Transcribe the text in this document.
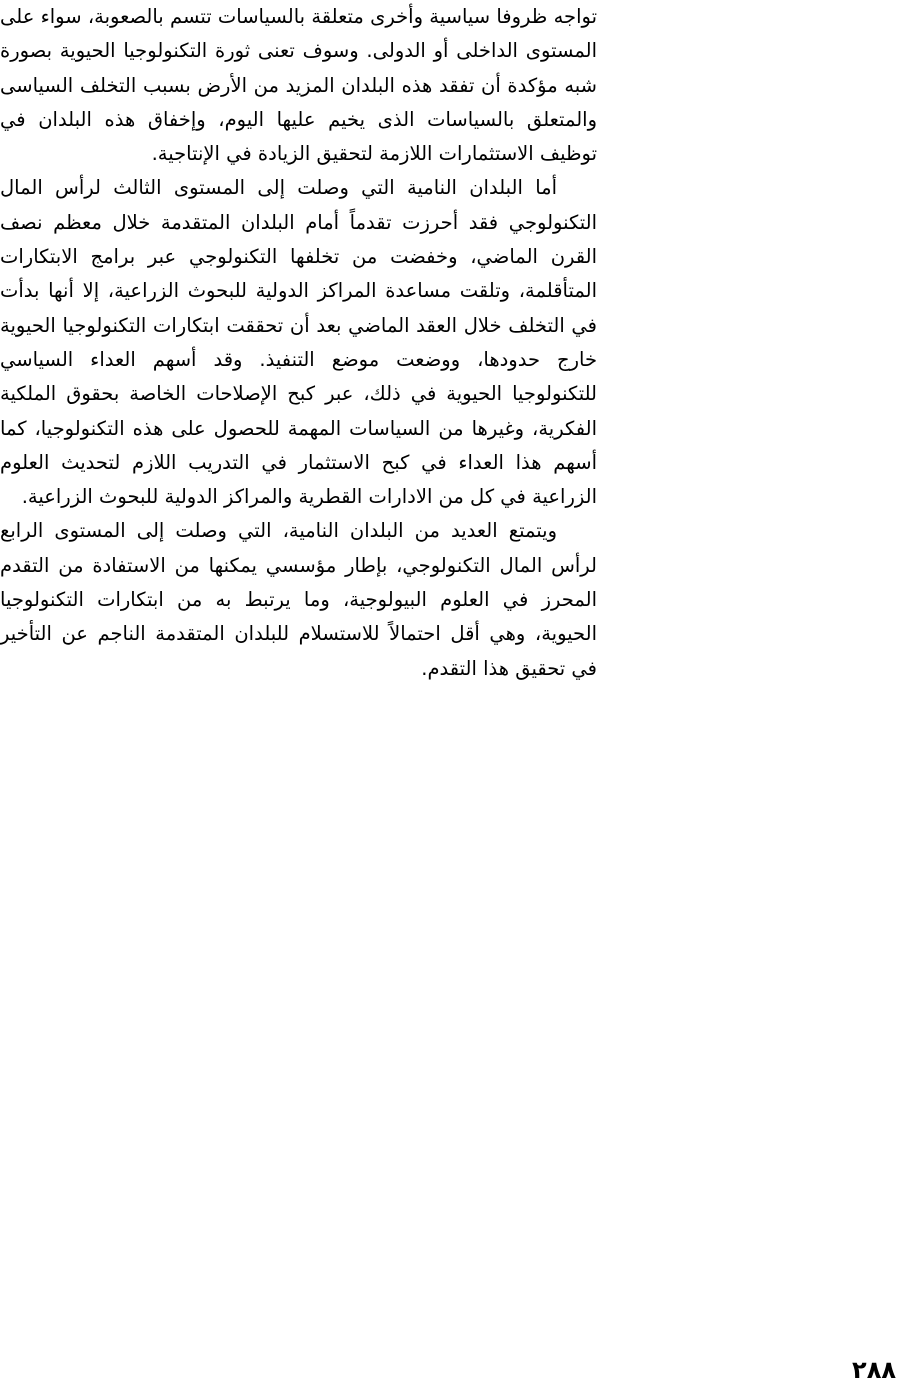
تواجه ظروفا سياسية وأخرى متعلقة بالسياسات تتسم بالصعوبة، سواء على المستوى الداخلى أو الدولى. وسوف تعنى ثورة التكنولوجيا الحيوية بصورة شبه مؤكدة أن تفقد هذه البلدان المزيد من الأرض بسبب التخلف السياسى والمتعلق بالسياسات الذى يخيم عليها اليوم، وإخفاق هذه البلدان في توظيف الاستثمارات اللازمة لتحقيق الزيادة في الإنتاجية.

أما البلدان النامية التي وصلت إلى المستوى الثالث لرأس المال التكنولوجي فقد أحرزت تقدماً أمام البلدان المتقدمة خلال معظم نصف القرن الماضي، وخفضت من تخلفها التكنولوجي عبر برامج الابتكارات المتأقلمة، وتلقت مساعدة المراكز الدولية للبحوث الزراعية، إلا أنها بدأت في التخلف خلال العقد الماضي بعد أن تحققت ابتكارات التكنولوجيا الحيوية خارج حدودها، ووضعت موضع التنفيذ. وقد أسهم العداء السياسي للتكنولوجيا الحيوية في ذلك، عبر كبح الإصلاحات الخاصة بحقوق الملكية الفكرية، وغيرها من السياسات المهمة للحصول على هذه التكنولوجيا، كما أسهم هذا العداء في كبح الاستثمار في التدريب اللازم لتحديث العلوم الزراعية في كل من الادارات القطرية والمراكز الدولية للبحوث الزراعية.

ويتمتع العديد من البلدان النامية، التي وصلت إلى المستوى الرابع لرأس المال التكنولوجي، بإطار مؤسسي يمكنها من الاستفادة من التقدم المحرز في العلوم البيولوجية، وما يرتبط به من ابتكارات التكنولوجيا الحيوية، وهي أقل احتمالاً للاستسلام للبلدان المتقدمة الناجم عن التأخير في تحقيق هذا التقدم.

٢٨٨
